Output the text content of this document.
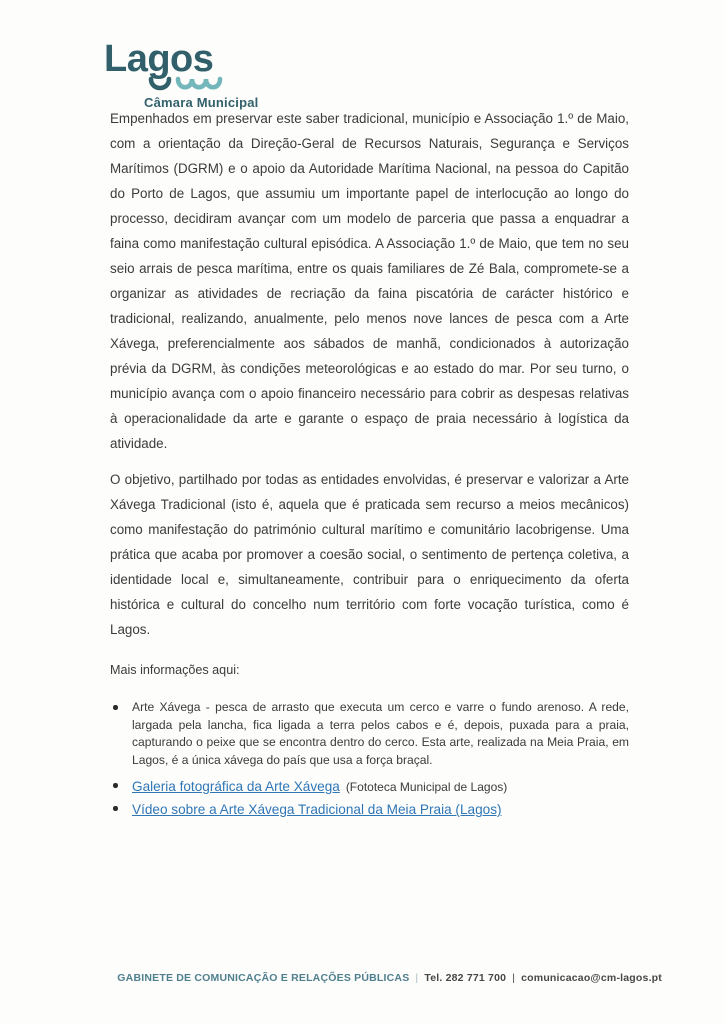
Lagos
Câmara Municipal

Empenhados em preservar este saber tradicional, município e Associação 1.º de Maio, com a orientação da Direção-Geral de Recursos Naturais, Segurança e Serviços Marítimos (DGRM) e o apoio da Autoridade Marítima Nacional, na pessoa do Capitão do Porto de Lagos, que assumiu um importante papel de interlocução ao longo do processo, decidiram avançar com um modelo de parceria que passa a enquadrar a faina como manifestação cultural episódica. A Associação 1.º de Maio, que tem no seu seio arrais de pesca marítima, entre os quais familiares de Zé Bala, compromete-se a organizar as atividades de recriação da faina piscatória de carácter histórico e tradicional, realizando, anualmente, pelo menos nove lances de pesca com a Arte Xávega, preferencialmente aos sábados de manhã, condicionados à autorização prévia da DGRM, às condições meteorológicas e ao estado do mar. Por seu turno, o município avança com o apoio financeiro necessário para cobrir as despesas relativas à operacionalidade da arte e garante o espaço de praia necessário à logística da atividade.

O objetivo, partilhado por todas as entidades envolvidas, é preservar e valorizar a Arte Xávega Tradicional (isto é, aquela que é praticada sem recurso a meios mecânicos) como manifestação do património cultural marítimo e comunitário lacobrigense. Uma prática que acaba por promover a coesão social, o sentimento de pertença coletiva, a identidade local e, simultaneamente, contribuir para o enriquecimento da oferta histórica e cultural do concelho num território com forte vocação turística, como é Lagos.

Mais informações aqui:

Arte Xávega - pesca de arrasto que executa um cerco e varre o fundo arenoso. A rede, largada pela lancha, fica ligada a terra pelos cabos e é, depois, puxada para a praia, capturando o peixe que se encontra dentro do cerco. Esta arte, realizada na Meia Praia, em Lagos, é a única xávega do país que usa a força braçal.
Galeria fotográfica da Arte Xávega (Fototeca Municipal de Lagos)
Vídeo sobre a Arte Xávega Tradicional da Meia Praia (Lagos)
GABINETE DE COMUNICAÇÃO E RELAÇÕES PÚBLICAS | Tel. 282 771 700 | comunicacao@cm-lagos.pt
